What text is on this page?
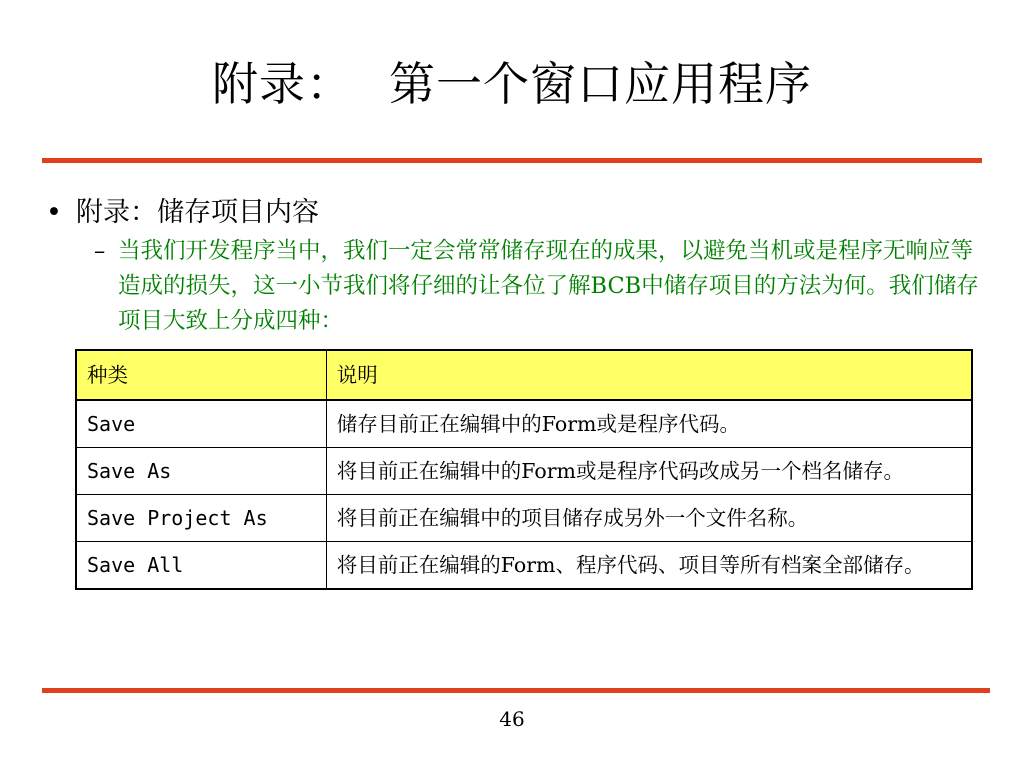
附录： 第一个窗口应用程序
• 附录：储存项目内容
– 当我们开发程序当中，我们一定会常常储存现在的成果，以避免当机或是程序无响应等造成的损失，这一小节我们将仔细的让各位了解BCB中储存项目的方法为何。我们储存项目大致上分成四种：
种类	说明
Save	储存目前正在编辑中的Form或是程序代码。
Save As	将目前正在编辑中的Form或是程序代码改成另一个档名储存。
Save Project As	将目前正在编辑中的项目储存成另外一个文件名称。
Save All	将目前正在编辑的Form、程序代码、项目等所有档案全部储存。
46
